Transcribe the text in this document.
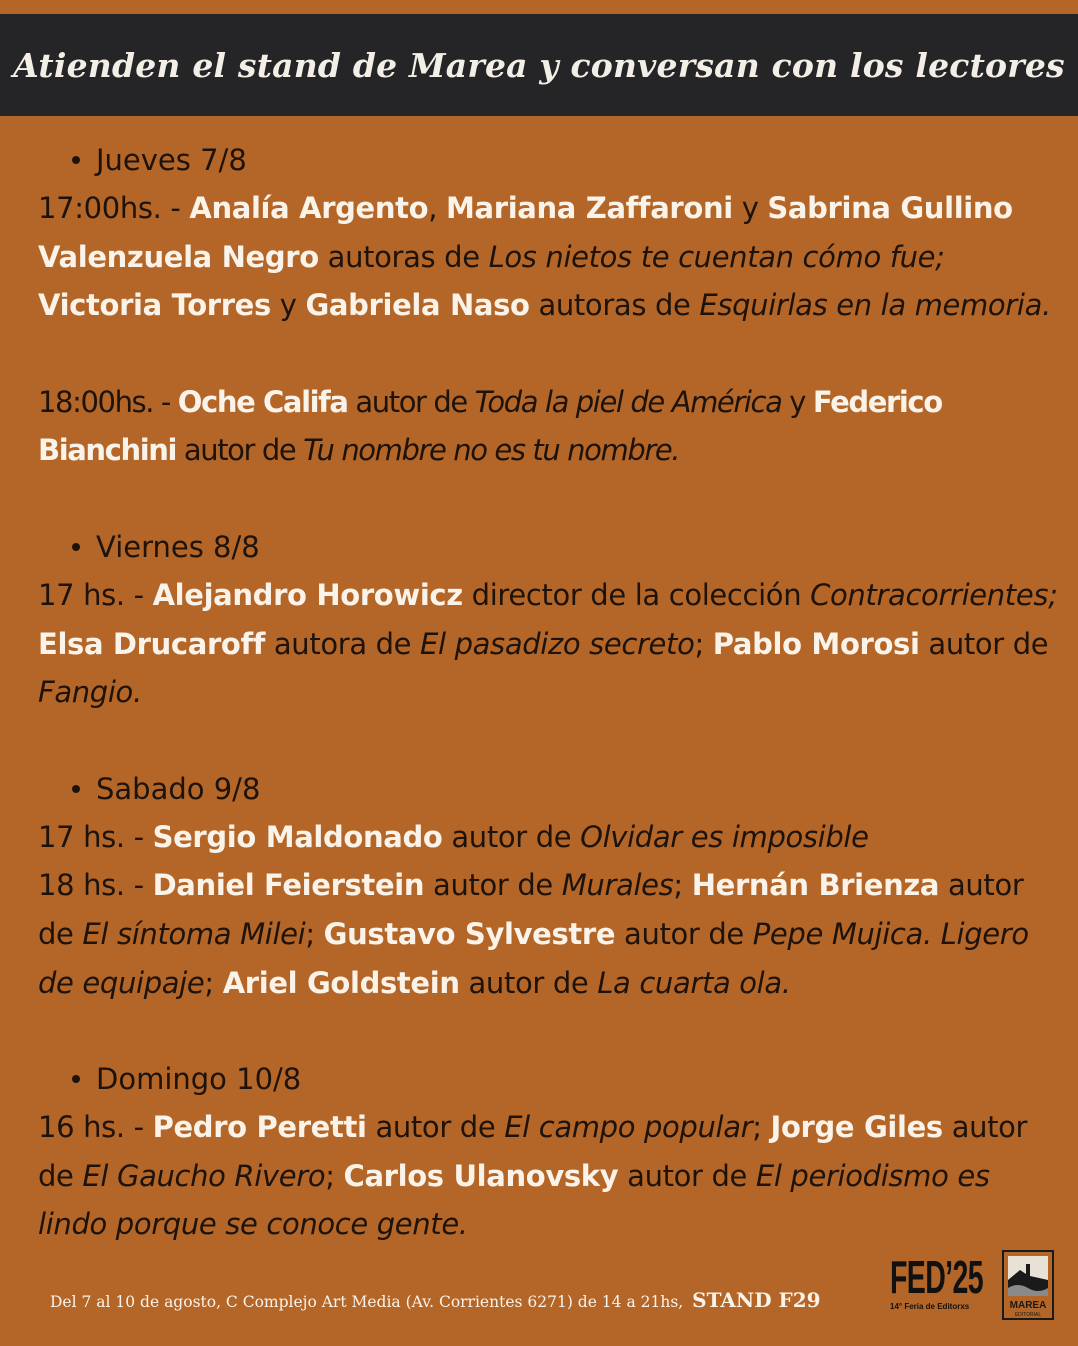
Atienden el stand de Marea y conversan con los lectores
Jueves 7/8
17:00hs. - Analía Argento, Mariana Zaffaroni y Sabrina Gullino Valenzuela Negro autoras de Los nietos te cuentan cómo fue; Victoria Torres y Gabriela Naso autoras de Esquirlas en la memoria.
18:00hs. - Oche Califa autor de Toda la piel de América y Federico Bianchini autor de Tu nombre no es tu nombre.
Viernes 8/8
17 hs. - Alejandro Horowicz director de la colección Contracorrientes; Elsa Drucaroff autora de El pasadizo secreto; Pablo Morosi autor de Fangio.
Sabado 9/8
17 hs. - Sergio Maldonado autor de Olvidar es imposible
18 hs. - Daniel Feierstein autor de Murales; Hernán Brienza autor de El síntoma Milei; Gustavo Sylvestre autor de Pepe Mujica. Ligero de equipaje; Ariel Goldstein autor de La cuarta ola.
Domingo 10/8
16 hs. - Pedro Peretti autor de El campo popular; Jorge Giles autor de El Gaucho Rivero; Carlos Ulanovsky autor de El periodismo es lindo porque se conoce gente.
Del 7 al 10 de agosto, C Complejo Art Media (Av. Corrientes 6271) de 14 a 21hs, STAND F29 FED’25
14° Feria de Editorxs	MAREA
EDITORIAL
